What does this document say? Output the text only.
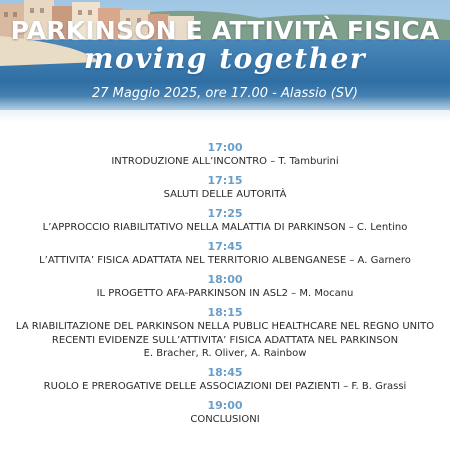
PARKINSON E ATTIVITÀ FISICA
moving together
27 Maggio 2025, ore 17.00 - Alassio (SV)
17:00
INTRODUZIONE ALL’INCONTRO – T. Tamburini
17:15
SALUTI DELLE AUTORITÀ
17:25
L’APPROCCIO RIABILITATIVO NELLA MALATTIA DI PARKINSON – C. Lentino
17:45
L’ATTIVITA’ FISICA ADATTATA NEL TERRITORIO ALBENGANESE – A. Garnero
18:00
IL PROGETTO AFA-PARKINSON IN ASL2 – M. Mocanu
18:15
LA RIABILITAZIONE DEL PARKINSON NELLA PUBLIC HEALTHCARE NEL REGNO UNITO
RECENTI EVIDENZE SULL’ATTIVITA’ FISICA ADATTATA NEL PARKINSON
E. Bracher, R. Oliver, A. Rainbow
18:45
RUOLO E PREROGATIVE DELLE ASSOCIAZIONI DEI PAZIENTI – F. B. Grassi
19:00
CONCLUSIONI
